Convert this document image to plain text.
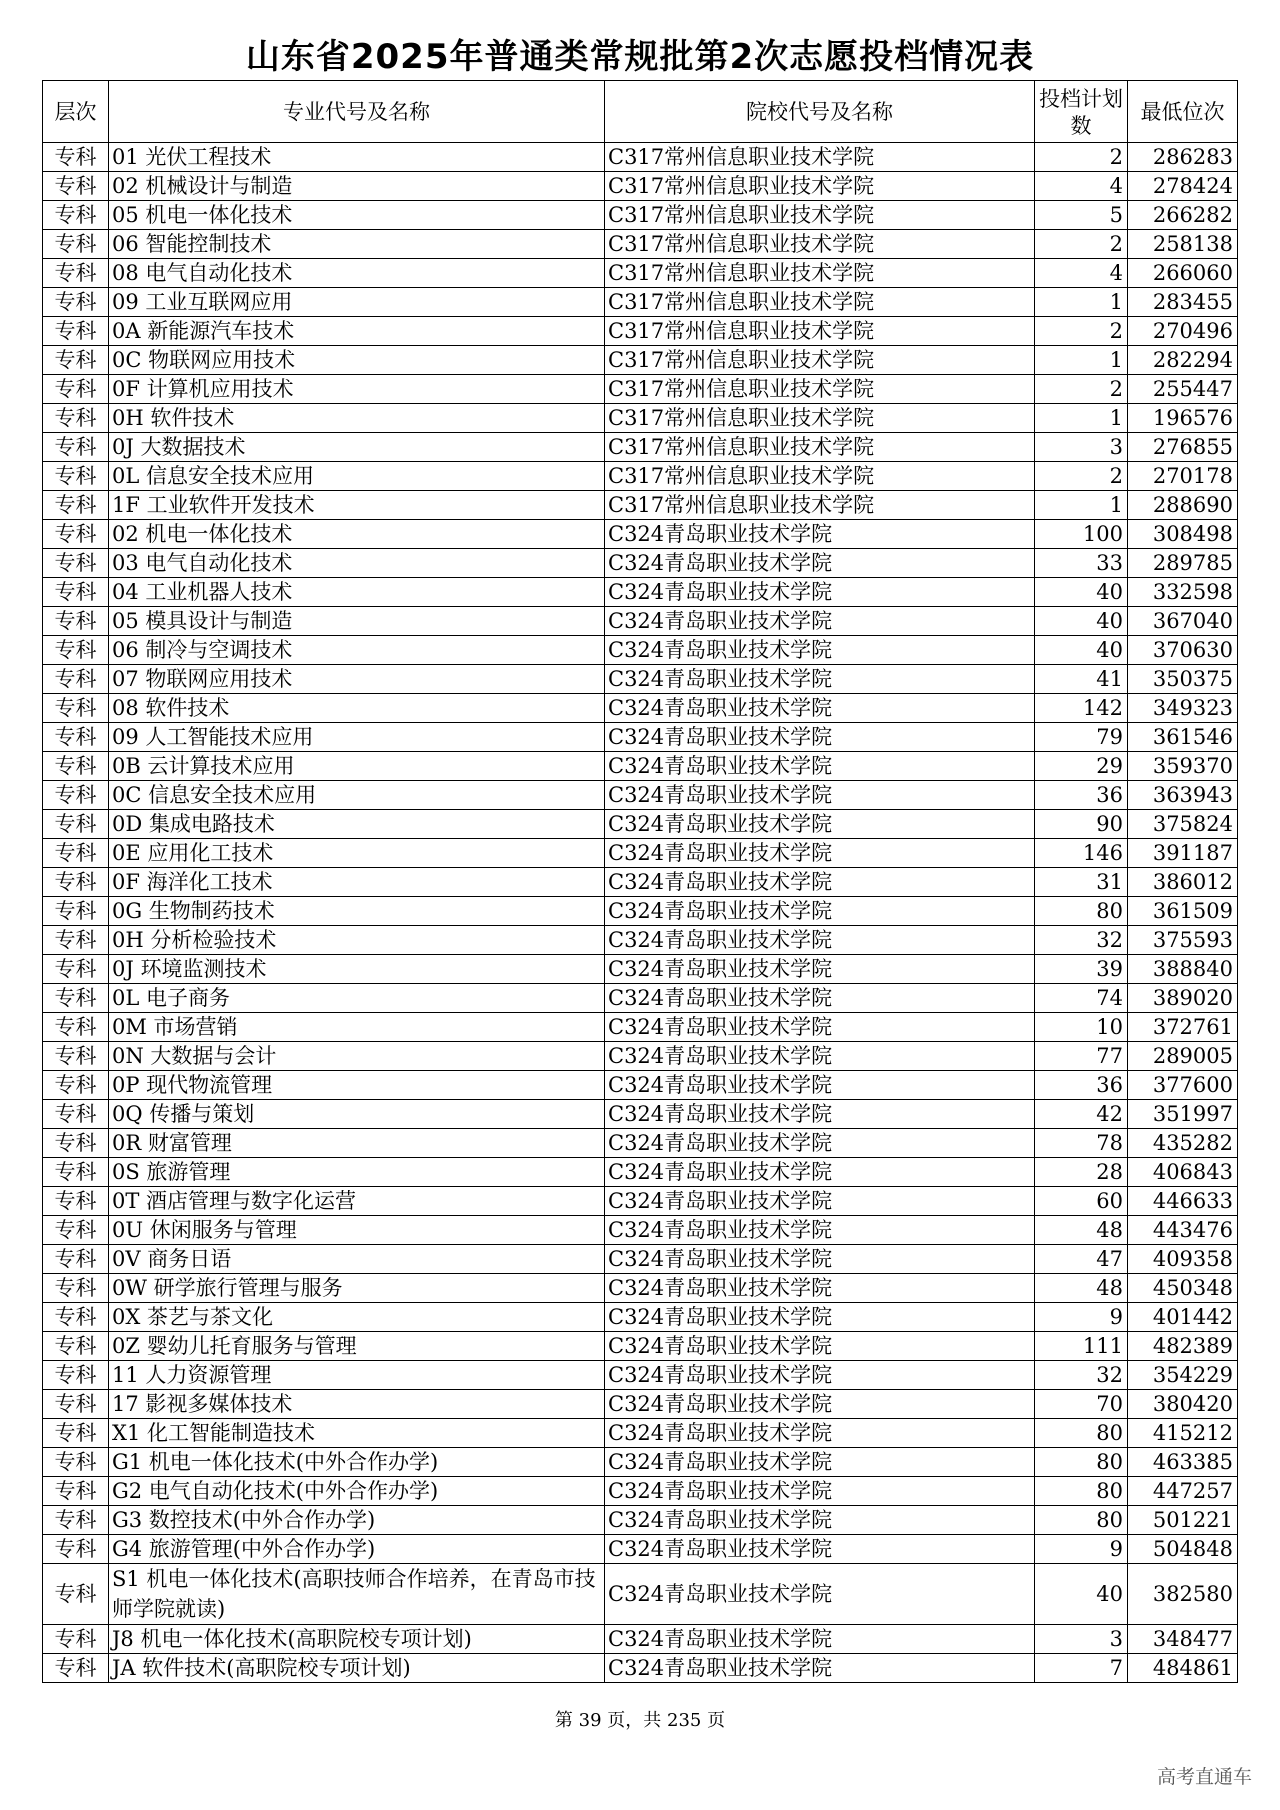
山东省2025年普通类常规批第2次志愿投档情况表
层次	专业代号及名称	院校代号及名称	投档计划数	最低位次
专科	01 光伏工程技术	C317常州信息职业技术学院	2	286283
专科	02 机械设计与制造	C317常州信息职业技术学院	4	278424
专科	05 机电一体化技术	C317常州信息职业技术学院	5	266282
专科	06 智能控制技术	C317常州信息职业技术学院	2	258138
专科	08 电气自动化技术	C317常州信息职业技术学院	4	266060
专科	09 工业互联网应用	C317常州信息职业技术学院	1	283455
专科	0A 新能源汽车技术	C317常州信息职业技术学院	2	270496
专科	0C 物联网应用技术	C317常州信息职业技术学院	1	282294
专科	0F 计算机应用技术	C317常州信息职业技术学院	2	255447
专科	0H 软件技术	C317常州信息职业技术学院	1	196576
专科	0J 大数据技术	C317常州信息职业技术学院	3	276855
专科	0L 信息安全技术应用	C317常州信息职业技术学院	2	270178
专科	1F 工业软件开发技术	C317常州信息职业技术学院	1	288690
专科	02 机电一体化技术	C324青岛职业技术学院	100	308498
专科	03 电气自动化技术	C324青岛职业技术学院	33	289785
专科	04 工业机器人技术	C324青岛职业技术学院	40	332598
专科	05 模具设计与制造	C324青岛职业技术学院	40	367040
专科	06 制冷与空调技术	C324青岛职业技术学院	40	370630
专科	07 物联网应用技术	C324青岛职业技术学院	41	350375
专科	08 软件技术	C324青岛职业技术学院	142	349323
专科	09 人工智能技术应用	C324青岛职业技术学院	79	361546
专科	0B 云计算技术应用	C324青岛职业技术学院	29	359370
专科	0C 信息安全技术应用	C324青岛职业技术学院	36	363943
专科	0D 集成电路技术	C324青岛职业技术学院	90	375824
专科	0E 应用化工技术	C324青岛职业技术学院	146	391187
专科	0F 海洋化工技术	C324青岛职业技术学院	31	386012
专科	0G 生物制药技术	C324青岛职业技术学院	80	361509
专科	0H 分析检验技术	C324青岛职业技术学院	32	375593
专科	0J 环境监测技术	C324青岛职业技术学院	39	388840
专科	0L 电子商务	C324青岛职业技术学院	74	389020
专科	0M 市场营销	C324青岛职业技术学院	10	372761
专科	0N 大数据与会计	C324青岛职业技术学院	77	289005
专科	0P 现代物流管理	C324青岛职业技术学院	36	377600
专科	0Q 传播与策划	C324青岛职业技术学院	42	351997
专科	0R 财富管理	C324青岛职业技术学院	78	435282
专科	0S 旅游管理	C324青岛职业技术学院	28	406843
专科	0T 酒店管理与数字化运营	C324青岛职业技术学院	60	446633
专科	0U 休闲服务与管理	C324青岛职业技术学院	48	443476
专科	0V 商务日语	C324青岛职业技术学院	47	409358
专科	0W 研学旅行管理与服务	C324青岛职业技术学院	48	450348
专科	0X 茶艺与茶文化	C324青岛职业技术学院	9	401442
专科	0Z 婴幼儿托育服务与管理	C324青岛职业技术学院	111	482389
专科	11 人力资源管理	C324青岛职业技术学院	32	354229
专科	17 影视多媒体技术	C324青岛职业技术学院	70	380420
专科	X1 化工智能制造技术	C324青岛职业技术学院	80	415212
专科	G1 机电一体化技术(中外合作办学)	C324青岛职业技术学院	80	463385
专科	G2 电气自动化技术(中外合作办学)	C324青岛职业技术学院	80	447257
专科	G3 数控技术(中外合作办学)	C324青岛职业技术学院	80	501221
专科	G4 旅游管理(中外合作办学)	C324青岛职业技术学院	9	504848
专科	S1 机电一体化技术(高职技师合作培养，在青岛市技师学院就读)	C324青岛职业技术学院	40	382580
专科	J8 机电一体化技术(高职院校专项计划)	C324青岛职业技术学院	3	348477
专科	JA 软件技术(高职院校专项计划)	C324青岛职业技术学院	7	484861
第 39 页，共 235 页
高考直通车
